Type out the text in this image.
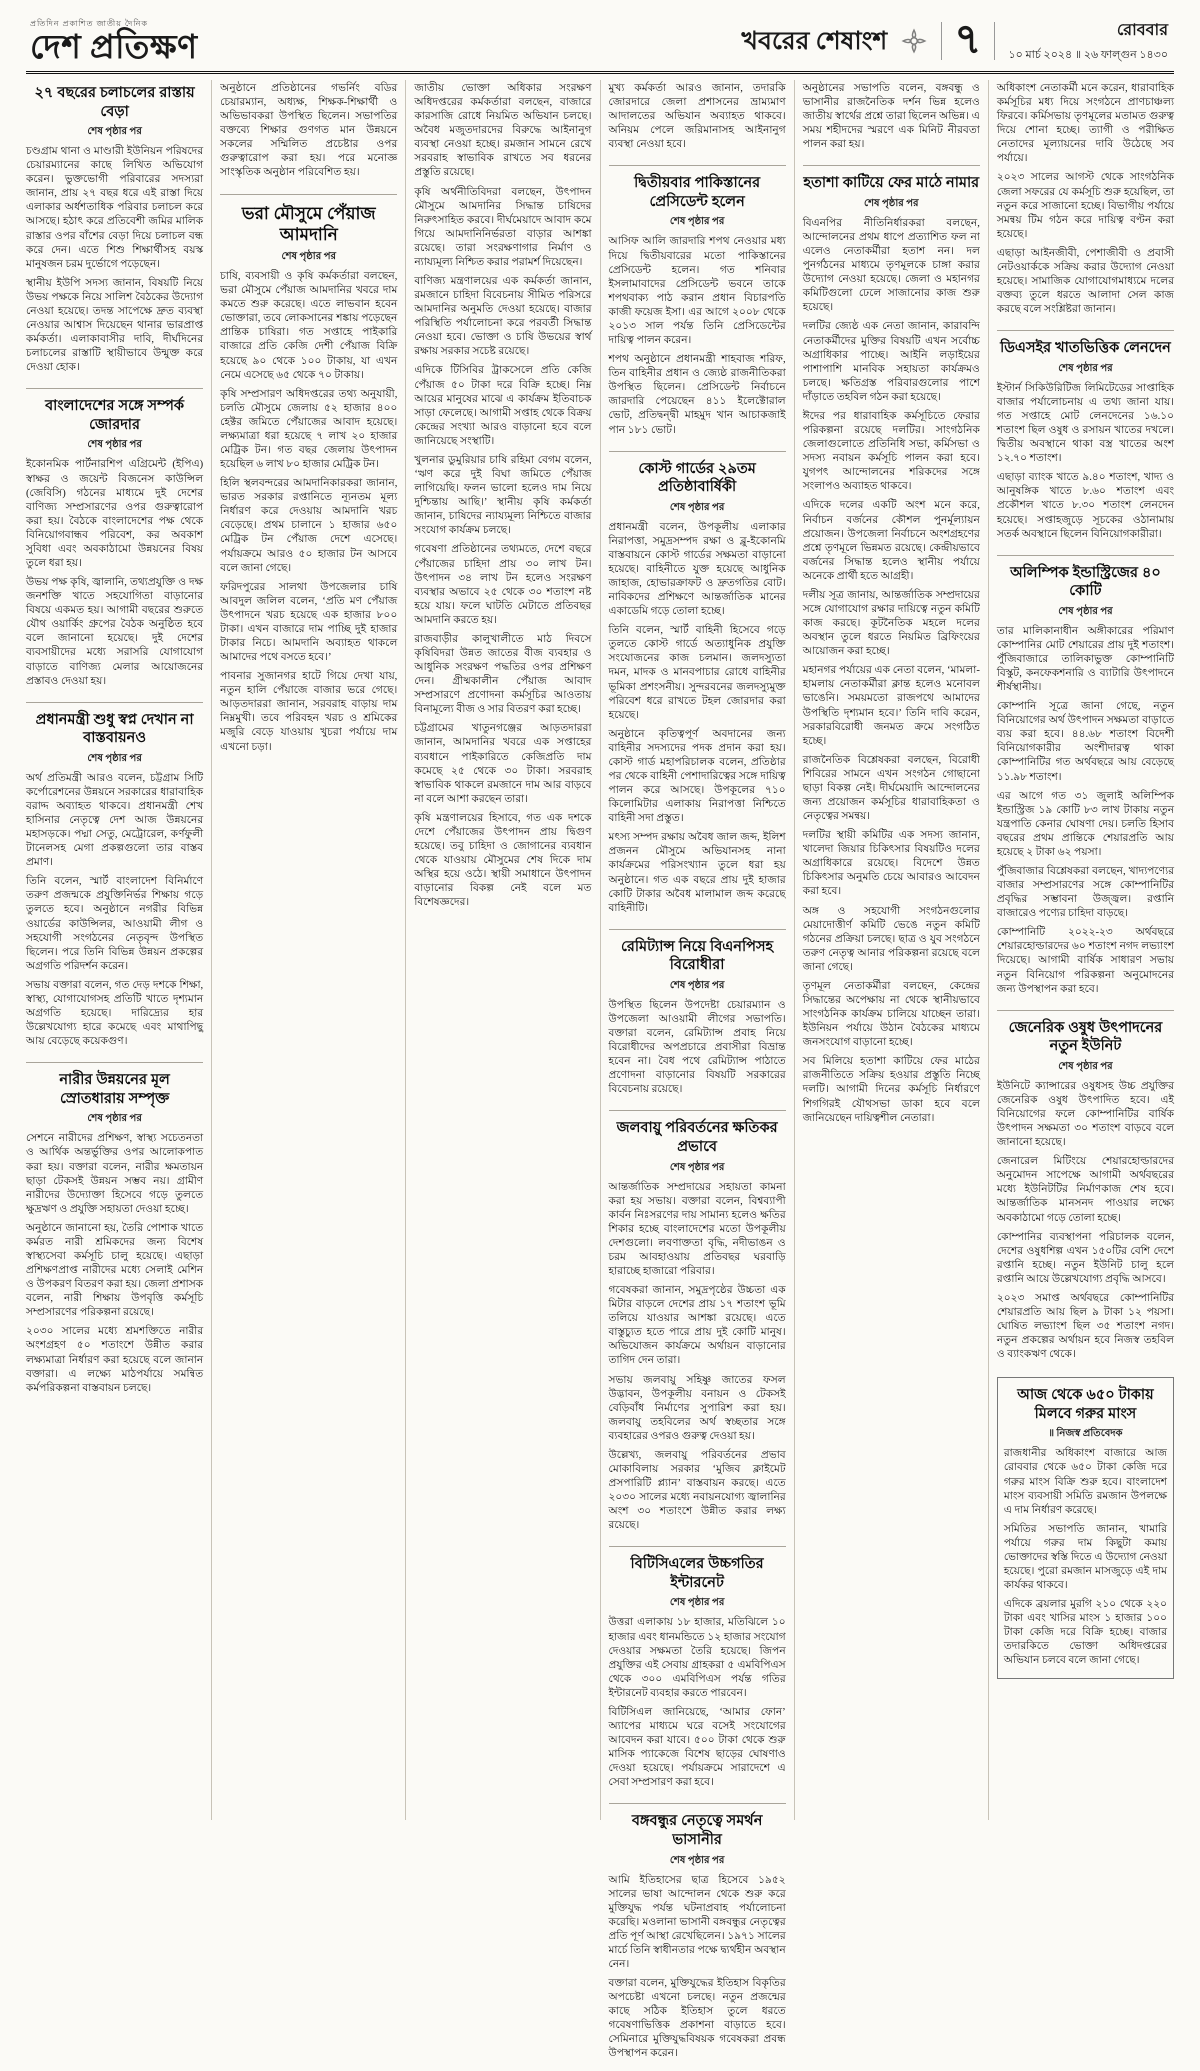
প্রতিদিন প্রকাশিত জাতীয় দৈনিক
দেশ প্রতিক্ষণ	খবরের শেষাংশ	৭	রোববার
১০ মার্চ ২০২৪ ॥ ২৬ ফাল্গুন ১৪৩০
২৭ বছরের চলাচলের রাস্তায় বেড়া
শেষ পৃষ্ঠার পর

চণ্ডগ্রাম থানা ও মাণ্ডারী ইউনিয়ন পরিষদের চেয়ারম্যানের কাছে লিখিত অভিযোগ করেন। ভুক্তভোগী পরিবারের সদস্যরা জানান, প্রায় ২৭ বছর ধরে এই রাস্তা দিয়ে এলাকার অর্ধশতাধিক পরিবার চলাচল করে আসছে। হঠাৎ করে প্রতিবেশী জমির মালিক রাস্তার ওপর বাঁশের বেড়া দিয়ে চলাচল বন্ধ করে দেন। এতে শিশু শিক্ষার্থীসহ বয়স্ক মানুষজন চরম দুর্ভোগে পড়েছেন।

স্থানীয় ইউপি সদস্য জানান, বিষয়টি নিয়ে উভয় পক্ষকে নিয়ে সালিশ বৈঠকের উদ্যোগ নেওয়া হয়েছে। তদন্ত সাপেক্ষে দ্রুত ব্যবস্থা নেওয়ার আশ্বাস দিয়েছেন থানার ভারপ্রাপ্ত কর্মকর্তা। এলাকাবাসীর দাবি, দীর্ঘদিনের চলাচলের রাস্তাটি স্থায়ীভাবে উন্মুক্ত করে দেওয়া হোক।

বাংলাদেশের সঙ্গে সম্পর্ক জোরদার
শেষ পৃষ্ঠার পর

ইকোনমিক পার্টনারশিপ এগ্রিমেন্ট (ইপিএ) স্বাক্ষর ও জয়েন্ট বিজনেস কাউন্সিল (জেবিসি) গঠনের মাধ্যমে দুই দেশের বাণিজ্য সম্প্রসারণের ওপর গুরুত্বারোপ করা হয়। বৈঠকে বাংলাদেশের পক্ষ থেকে বিনিয়োগবান্ধব পরিবেশ, কর অবকাশ সুবিধা এবং অবকাঠামো উন্নয়নের বিষয় তুলে ধরা হয়।

উভয় পক্ষ কৃষি, জ্বালানি, তথ্যপ্রযুক্তি ও দক্ষ জনশক্তি খাতে সহযোগিতা বাড়ানোর বিষয়ে একমত হয়। আগামী বছরের শুরুতে যৌথ ওয়ার্কিং গ্রুপের বৈঠক অনুষ্ঠিত হবে বলে জানানো হয়েছে। দুই দেশের ব্যবসায়ীদের মধ্যে সরাসরি যোগাযোগ বাড়াতে বাণিজ্য মেলার আয়োজনের প্রস্তাবও দেওয়া হয়।

প্রধানমন্ত্রী শুধু স্বপ্ন দেখান না বাস্তবায়নও
শেষ পৃষ্ঠার পর

অর্থ প্রতিমন্ত্রী আরও বলেন, চট্টগ্রাম সিটি কর্পোরেশনের উন্নয়নে সরকারের ধারাবাহিক বরাদ্দ অব্যাহত থাকবে। প্রধানমন্ত্রী শেখ হাসিনার নেতৃত্বে দেশ আজ উন্নয়নের মহাসড়কে। পদ্মা সেতু, মেট্রোরেল, কর্ণফুলী টানেলসহ মেগা প্রকল্পগুলো তার বাস্তব প্রমাণ।

তিনি বলেন, স্মার্ট বাংলাদেশ বিনির্মাণে তরুণ প্রজন্মকে প্রযুক্তিনির্ভর শিক্ষায় গড়ে তুলতে হবে। অনুষ্ঠানে নগরীর বিভিন্ন ওয়ার্ডের কাউন্সিলর, আওয়ামী লীগ ও সহযোগী সংগঠনের নেতৃবৃন্দ উপস্থিত ছিলেন। পরে তিনি বিভিন্ন উন্নয়ন প্রকল্পের অগ্রগতি পরিদর্শন করেন।

সভায় বক্তারা বলেন, গত দেড় দশকে শিক্ষা, স্বাস্থ্য, যোগাযোগসহ প্রতিটি খাতে দৃশ্যমান অগ্রগতি হয়েছে। দারিদ্র্যের হার উল্লেখযোগ্য হারে কমেছে এবং মাথাপিছু আয় বেড়েছে কয়েকগুণ।

নারীর উন্নয়নের মূল স্রোতধারায় সম্পৃক্ত
শেষ পৃষ্ঠার পর

সেশনে নারীদের প্রশিক্ষণ, স্বাস্থ্য সচেতনতা ও আর্থিক অন্তর্ভুক্তির ওপর আলোকপাত করা হয়। বক্তারা বলেন, নারীর ক্ষমতায়ন ছাড়া টেকসই উন্নয়ন সম্ভব নয়। গ্রামীণ নারীদের উদ্যোক্তা হিসেবে গড়ে তুলতে ক্ষুদ্রঋণ ও প্রযুক্তি সহায়তা দেওয়া হচ্ছে।

অনুষ্ঠানে জানানো হয়, তৈরি পোশাক খাতে কর্মরত নারী শ্রমিকদের জন্য বিশেষ স্বাস্থ্যসেবা কর্মসূচি চালু হয়েছে। এছাড়া প্রশিক্ষণপ্রাপ্ত নারীদের মধ্যে সেলাই মেশিন ও উপকরণ বিতরণ করা হয়। জেলা প্রশাসক বলেন, নারী শিক্ষায় উপবৃত্তি কর্মসূচি সম্প্রসারণের পরিকল্পনা রয়েছে।

২০৩০ সালের মধ্যে শ্রমশক্তিতে নারীর অংশগ্রহণ ৫০ শতাংশে উন্নীত করার লক্ষ্যমাত্রা নির্ধারণ করা হয়েছে বলে জানান বক্তারা। এ লক্ষ্যে মাঠপর্যায়ে সমন্বিত কর্মপরিকল্পনা বাস্তবায়ন চলছে।

অনুষ্ঠানে প্রতিষ্ঠানের গভর্নিং বডির চেয়ারম্যান, অধ্যক্ষ, শিক্ষক-শিক্ষার্থী ও অভিভাবকরা উপস্থিত ছিলেন। সভাপতির বক্তব্যে শিক্ষার গুণগত মান উন্নয়নে সকলের সম্মিলিত প্রচেষ্টার ওপর গুরুত্বারোপ করা হয়। পরে মনোজ্ঞ সাংস্কৃতিক অনুষ্ঠান পরিবেশিত হয়।

ভরা মৌসুমে পেঁয়াজ আমদানি
শেষ পৃষ্ঠার পর

চাষি, ব্যবসায়ী ও কৃষি কর্মকর্তারা বলছেন, ভরা মৌসুমে পেঁয়াজ আমদানির খবরে দাম কমতে শুরু করেছে। এতে লাভবান হবেন ভোক্তারা, তবে লোকসানের শঙ্কায় পড়েছেন প্রান্তিক চাষিরা। গত সপ্তাহে পাইকারি বাজারে প্রতি কেজি দেশী পেঁয়াজ বিক্রি হয়েছে ৯০ থেকে ১০০ টাকায়, যা এখন নেমে এসেছে ৬৫ থেকে ৭০ টাকায়।

কৃষি সম্প্রসারণ অধিদপ্তরের তথ্য অনুযায়ী, চলতি মৌসুমে জেলায় ৫২ হাজার ৪০০ হেক্টর জমিতে পেঁয়াজের আবাদ হয়েছে। লক্ষ্যমাত্রা ধরা হয়েছে ৭ লাখ ২০ হাজার মেট্রিক টন। গত বছর জেলায় উৎপাদন হয়েছিল ৬ লাখ ৮০ হাজার মেট্রিক টন।

হিলি স্থলবন্দরের আমদানিকারকরা জানান, ভারত সরকার রপ্তানিতে ন্যূনতম মূল্য নির্ধারণ করে দেওয়ায় আমদানি খরচ বেড়েছে। প্রথম চালানে ১ হাজার ৬৫০ মেট্রিক টন পেঁয়াজ দেশে এসেছে। পর্যায়ক্রমে আরও ৫০ হাজার টন আসবে বলে জানা গেছে।

ফরিদপুরের সালথা উপজেলার চাষি আবদুল জলিল বলেন, ‘প্রতি মণ পেঁয়াজ উৎপাদনে খরচ হয়েছে এক হাজার ৮০০ টাকা। এখন বাজারে দাম পাচ্ছি দুই হাজার টাকার নিচে। আমদানি অব্যাহত থাকলে আমাদের পথে বসতে হবে।’

পাবনার সুজানগর হাটে গিয়ে দেখা যায়, নতুন হালি পেঁয়াজে বাজার ভরে গেছে। আড়তদাররা জানান, সরবরাহ বাড়ায় দাম নিম্নমুখী। তবে পরিবহন খরচ ও শ্রমিকের মজুরি বেড়ে যাওয়ায় খুচরা পর্যায়ে দাম এখনো চড়া।

জাতীয় ভোক্তা অধিকার সংরক্ষণ অধিদপ্তরের কর্মকর্তারা বলছেন, বাজারে কারসাজি রোধে নিয়মিত অভিযান চলছে। অবৈধ মজুতদারদের বিরুদ্ধে আইনানুগ ব্যবস্থা নেওয়া হচ্ছে। রমজান সামনে রেখে সরবরাহ স্বাভাবিক রাখতে সব ধরনের প্রস্তুতি রয়েছে।

কৃষি অর্থনীতিবিদরা বলছেন, উৎপাদন মৌসুমে আমদানির সিদ্ধান্ত চাষিদের নিরুৎসাহিত করবে। দীর্ঘমেয়াদে আবাদ কমে গিয়ে আমদানিনির্ভরতা বাড়ার আশঙ্কা রয়েছে। তারা সংরক্ষণাগার নির্মাণ ও ন্যায্যমূল্য নিশ্চিত করার পরামর্শ দিয়েছেন।

বাণিজ্য মন্ত্রণালয়ের এক কর্মকর্তা জানান, রমজানে চাহিদা বিবেচনায় সীমিত পরিসরে আমদানির অনুমতি দেওয়া হয়েছে। বাজার পরিস্থিতি পর্যালোচনা করে পরবর্তী সিদ্ধান্ত নেওয়া হবে। ভোক্তা ও চাষি উভয়ের স্বার্থ রক্ষায় সরকার সচেষ্ট রয়েছে।

এদিকে টিসিবির ট্রাকসেলে প্রতি কেজি পেঁয়াজ ৫০ টাকা দরে বিক্রি হচ্ছে। নিম্ন আয়ের মানুষের মাঝে এ কার্যক্রম ইতিবাচক সাড়া ফেলেছে। আগামী সপ্তাহ থেকে বিক্রয় কেন্দ্রের সংখ্যা আরও বাড়ানো হবে বলে জানিয়েছে সংস্থাটি।

খুলনার ডুমুরিয়ার চাষি রহিমা বেগম বলেন, ‘ঋণ করে দুই বিঘা জমিতে পেঁয়াজ লাগিয়েছি। ফলন ভালো হলেও দাম নিয়ে দুশ্চিন্তায় আছি।’ স্থানীয় কৃষি কর্মকর্তা জানান, চাষিদের ন্যায্যমূল্য নিশ্চিতে বাজার সংযোগ কার্যক্রম চলছে।

গবেষণা প্রতিষ্ঠানের তথ্যমতে, দেশে বছরে পেঁয়াজের চাহিদা প্রায় ৩০ লাখ টন। উৎপাদন ৩৪ লাখ টন হলেও সংরক্ষণ ব্যবস্থার অভাবে ২৫ থেকে ৩০ শতাংশ নষ্ট হয়ে যায়। ফলে ঘাটতি মেটাতে প্রতিবছর আমদানি করতে হয়।

রাজবাড়ীর কালুখালীতে মাঠ দিবসে কৃষিবিদরা উন্নত জাতের বীজ ব্যবহার ও আধুনিক সংরক্ষণ পদ্ধতির ওপর প্রশিক্ষণ দেন। গ্রীষ্মকালীন পেঁয়াজ আবাদ সম্প্রসারণে প্রণোদনা কর্মসূচির আওতায় বিনামূল্যে বীজ ও সার বিতরণ করা হচ্ছে।

চট্টগ্রামের খাতুনগঞ্জের আড়তদাররা জানান, আমদানির খবরে এক সপ্তাহের ব্যবধানে পাইকারিতে কেজিপ্রতি দাম কমেছে ২৫ থেকে ৩০ টাকা। সরবরাহ স্বাভাবিক থাকলে রমজানে দাম আর বাড়বে না বলে আশা করছেন তারা।

কৃষি মন্ত্রণালয়ের হিসাবে, গত এক দশকে দেশে পেঁয়াজের উৎপাদন প্রায় দ্বিগুণ হয়েছে। তবু চাহিদা ও জোগানের ব্যবধান থেকে যাওয়ায় মৌসুমের শেষ দিকে দাম অস্থির হয়ে ওঠে। স্থায়ী সমাধানে উৎপাদন বাড়ানোর বিকল্প নেই বলে মত বিশেষজ্ঞদের।

মুখ্য কর্মকর্তা আরও জানান, তদারকি জোরদারে জেলা প্রশাসনের ভ্রাম্যমাণ আদালতের অভিযান অব্যাহত থাকবে। অনিয়ম পেলে জরিমানাসহ আইনানুগ ব্যবস্থা নেওয়া হবে।

দ্বিতীয়বার পাকিস্তানের প্রেসিডেন্ট হলেন
শেষ পৃষ্ঠার পর

আসিফ আলি জারদারি শপথ নেওয়ার মধ্য দিয়ে দ্বিতীয়বারের মতো পাকিস্তানের প্রেসিডেন্ট হলেন। গত শনিবার ইসলামাবাদের প্রেসিডেন্ট ভবনে তাকে শপথবাক্য পাঠ করান প্রধান বিচারপতি কাজী ফয়েজ ইসা। এর আগে ২০০৮ থেকে ২০১৩ সাল পর্যন্ত তিনি প্রেসিডেন্টের দায়িত্ব পালন করেন।

শপথ অনুষ্ঠানে প্রধানমন্ত্রী শাহবাজ শরিফ, তিন বাহিনীর প্রধান ও জ্যেষ্ঠ রাজনীতিকরা উপস্থিত ছিলেন। প্রেসিডেন্ট নির্বাচনে জারদারি পেয়েছেন ৪১১ ইলেক্টোরাল ভোট, প্রতিদ্বন্দ্বী মাহমুদ খান আচাকজাই পান ১৮১ ভোট।

কোস্ট গার্ডের ২৯তম প্রতিষ্ঠাবার্ষিকী
শেষ পৃষ্ঠার পর

প্রধানমন্ত্রী বলেন, উপকূলীয় এলাকার নিরাপত্তা, সমুদ্রসম্পদ রক্ষা ও ব্লু-ইকোনমি বাস্তবায়নে কোস্ট গার্ডের সক্ষমতা বাড়ানো হয়েছে। বাহিনীতে যুক্ত হয়েছে আধুনিক জাহাজ, হোভারক্রাফট ও দ্রুতগতির বোট। নাবিকদের প্রশিক্ষণে আন্তর্জাতিক মানের একাডেমি গড়ে তোলা হচ্ছে।

তিনি বলেন, স্মার্ট বাহিনী হিসেবে গড়ে তুলতে কোস্ট গার্ডে অত্যাধুনিক প্রযুক্তি সংযোজনের কাজ চলমান। জলদস্যুতা দমন, মাদক ও মানবপাচার রোধে বাহিনীর ভূমিকা প্রশংসনীয়। সুন্দরবনের জলদস্যুমুক্ত পরিবেশ ধরে রাখতে টহল জোরদার করা হয়েছে।

অনুষ্ঠানে কৃতিত্বপূর্ণ অবদানের জন্য বাহিনীর সদস্যদের পদক প্রদান করা হয়। কোস্ট গার্ড মহাপরিচালক বলেন, প্রতিষ্ঠার পর থেকে বাহিনী পেশাদারিত্বের সঙ্গে দায়িত্ব পালন করে আসছে। উপকূলের ৭১০ কিলোমিটার এলাকায় নিরাপত্তা নিশ্চিতে বাহিনী সদা প্রস্তুত।

মৎস্য সম্পদ রক্ষায় অবৈধ জাল জব্দ, ইলিশ প্রজনন মৌসুমে অভিযানসহ নানা কার্যক্রমের পরিসংখ্যান তুলে ধরা হয় অনুষ্ঠানে। গত এক বছরে প্রায় দুই হাজার কোটি টাকার অবৈধ মালামাল জব্দ করেছে বাহিনীটি।

রেমিট্যান্স নিয়ে বিএনপিসহ বিরোধীরা
শেষ পৃষ্ঠার পর

উপস্থিত ছিলেন উপদেষ্টা চেয়ারম্যান ও উপজেলা আওয়ামী লীগের সভাপতি। বক্তারা বলেন, রেমিট্যান্স প্রবাহ নিয়ে বিরোধীদের অপপ্রচারে প্রবাসীরা বিভ্রান্ত হবেন না। বৈধ পথে রেমিট্যান্স পাঠাতে প্রণোদনা বাড়ানোর বিষয়টি সরকারের বিবেচনায় রয়েছে।

জলবায়ু পরিবর্তনের ক্ষতিকর প্রভাবে
শেষ পৃষ্ঠার পর

আন্তর্জাতিক সম্প্রদায়ের সহায়তা কামনা করা হয় সভায়। বক্তারা বলেন, বিশ্বব্যাপী কার্বন নিঃসরণের দায় সামান্য হলেও ক্ষতির শিকার হচ্ছে বাংলাদেশের মতো উপকূলীয় দেশগুলো। লবণাক্ততা বৃদ্ধি, নদীভাঙন ও চরম আবহাওয়ায় প্রতিবছর ঘরবাড়ি হারাচ্ছে হাজারো পরিবার।

গবেষকরা জানান, সমুদ্রপৃষ্ঠের উচ্চতা এক মিটার বাড়লে দেশের প্রায় ১৭ শতাংশ ভূমি তলিয়ে যাওয়ার আশঙ্কা রয়েছে। এতে বাস্তুচ্যুত হতে পারে প্রায় দুই কোটি মানুষ। অভিযোজন কার্যক্রমে অর্থায়ন বাড়ানোর তাগিদ দেন তারা।

সভায় জলবায়ু সহিষ্ণু জাতের ফসল উদ্ভাবন, উপকূলীয় বনায়ন ও টেকসই বেড়িবাঁধ নির্মাণের সুপারিশ করা হয়। জলবায়ু তহবিলের অর্থ স্বচ্ছতার সঙ্গে ব্যবহারের ওপরও গুরুত্ব দেওয়া হয়।

উল্লেখ্য, জলবায়ু পরিবর্তনের প্রভাব মোকাবিলায় সরকার ‘মুজিব ক্লাইমেট প্রসপারিটি প্ল্যান’ বাস্তবায়ন করছে। এতে ২০৩০ সালের মধ্যে নবায়নযোগ্য জ্বালানির অংশ ৩০ শতাংশে উন্নীত করার লক্ষ্য রয়েছে।

বিটিসিএলের উচ্চগতির ইন্টারনেট
শেষ পৃষ্ঠার পর

উত্তরা এলাকায় ১৮ হাজার, মতিঝিলে ১০ হাজার এবং ধানমন্ডিতে ১২ হাজার সংযোগ দেওয়ার সক্ষমতা তৈরি হয়েছে। জিপন প্রযুক্তির এই সেবায় গ্রাহকরা ৫ এমবিপিএস থেকে ৩০০ এমবিপিএস পর্যন্ত গতির ইন্টারনেট ব্যবহার করতে পারবেন।

বিটিসিএল জানিয়েছে, ‘আমার ফোন’ অ্যাপের মাধ্যমে ঘরে বসেই সংযোগের আবেদন করা যাবে। ৫০০ টাকা থেকে শুরু মাসিক প্যাকেজে বিশেষ ছাড়ের ঘোষণাও দেওয়া হয়েছে। পর্যায়ক্রমে সারাদেশে এ সেবা সম্প্রসারণ করা হবে।

বঙ্গবন্ধুর নেতৃত্বে সমর্থন ভাসানীর
শেষ পৃষ্ঠার পর

আমি ইতিহাসের ছাত্র হিসেবে ১৯৫২ সালের ভাষা আন্দোলন থেকে শুরু করে মুক্তিযুদ্ধ পর্যন্ত ঘটনাপ্রবাহ পর্যালোচনা করেছি। মওলানা ভাসানী বঙ্গবন্ধুর নেতৃত্বের প্রতি পূর্ণ আস্থা রেখেছিলেন। ১৯৭১ সালের মার্চে তিনি স্বাধীনতার পক্ষে দ্ব্যর্থহীন অবস্থান নেন।

বক্তারা বলেন, মুক্তিযুদ্ধের ইতিহাস বিকৃতির অপচেষ্টা এখনো চলছে। নতুন প্রজন্মের কাছে সঠিক ইতিহাস তুলে ধরতে গবেষণাভিত্তিক প্রকাশনা বাড়াতে হবে। সেমিনারে মুক্তিযুদ্ধবিষয়ক গবেষকরা প্রবন্ধ উপস্থাপন করেন।

অনুষ্ঠানের সভাপতি বলেন, বঙ্গবন্ধু ও ভাসানীর রাজনৈতিক দর্শন ভিন্ন হলেও জাতীয় স্বার্থের প্রশ্নে তারা ছিলেন অভিন্ন। এ সময় শহীদদের স্মরণে এক মিনিট নীরবতা পালন করা হয়।

হতাশা কাটিয়ে ফের মাঠে নামার
শেষ পৃষ্ঠার পর

বিএনপির নীতিনির্ধারকরা বলছেন, আন্দোলনের প্রথম ধাপে প্রত্যাশিত ফল না এলেও নেতাকর্মীরা হতাশ নন। দল পুনর্গঠনের মাধ্যমে তৃণমূলকে চাঙ্গা করার উদ্যোগ নেওয়া হয়েছে। জেলা ও মহানগর কমিটিগুলো ঢেলে সাজানোর কাজ শুরু হয়েছে।

দলটির জ্যেষ্ঠ এক নেতা জানান, কারাবন্দি নেতাকর্মীদের মুক্তির বিষয়টি এখন সর্বোচ্চ অগ্রাধিকার পাচ্ছে। আইনি লড়াইয়ের পাশাপাশি মানবিক সহায়তা কার্যক্রমও চলছে। ক্ষতিগ্রস্ত পরিবারগুলোর পাশে দাঁড়াতে তহবিল গঠন করা হয়েছে।

ঈদের পর ধারাবাহিক কর্মসূচিতে ফেরার পরিকল্পনা রয়েছে দলটির। সাংগঠনিক জেলাগুলোতে প্রতিনিধি সভা, কর্মিসভা ও সদস্য নবায়ন কর্মসূচি পালন করা হবে। যুগপৎ আন্দোলনের শরিকদের সঙ্গে সংলাপও অব্যাহত থাকবে।

এদিকে দলের একটি অংশ মনে করে, নির্বাচন বর্জনের কৌশল পুনর্মূল্যায়ন প্রয়োজন। উপজেলা নির্বাচনে অংশগ্রহণের প্রশ্নে তৃণমূলে ভিন্নমত রয়েছে। কেন্দ্রীয়ভাবে বর্জনের সিদ্ধান্ত হলেও স্থানীয় পর্যায়ে অনেকে প্রার্থী হতে আগ্রহী।

দলীয় সূত্র জানায়, আন্তর্জাতিক সম্প্রদায়ের সঙ্গে যোগাযোগ রক্ষার দায়িত্বে নতুন কমিটি কাজ করছে। কূটনৈতিক মহলে দলের অবস্থান তুলে ধরতে নিয়মিত ব্রিফিংয়ের আয়োজন করা হচ্ছে।

মহানগর পর্যায়ের এক নেতা বলেন, ‘মামলা-হামলায় নেতাকর্মীরা ক্লান্ত হলেও মনোবল ভাঙেনি। সময়মতো রাজপথে আমাদের উপস্থিতি দৃশ্যমান হবে।’ তিনি দাবি করেন, সরকারবিরোধী জনমত ক্রমে সংগঠিত হচ্ছে।

রাজনৈতিক বিশ্লেষকরা বলছেন, বিরোধী শিবিরের সামনে এখন সংগঠন গোছানো ছাড়া বিকল্প নেই। দীর্ঘমেয়াদি আন্দোলনের জন্য প্রয়োজন কর্মসূচির ধারাবাহিকতা ও নেতৃত্বের সমন্বয়।

দলটির স্থায়ী কমিটির এক সদস্য জানান, খালেদা জিয়ার চিকিৎসার বিষয়টিও দলের অগ্রাধিকারে রয়েছে। বিদেশে উন্নত চিকিৎসার অনুমতি চেয়ে আবারও আবেদন করা হবে।

অঙ্গ ও সহযোগী সংগঠনগুলোর মেয়াদোত্তীর্ণ কমিটি ভেঙে নতুন কমিটি গঠনের প্রক্রিয়া চলছে। ছাত্র ও যুব সংগঠনে তরুণ নেতৃত্ব আনার পরিকল্পনা রয়েছে বলে জানা গেছে।

তৃণমূল নেতাকর্মীরা বলছেন, কেন্দ্রের সিদ্ধান্তের অপেক্ষায় না থেকে স্থানীয়ভাবে সাংগঠনিক কার্যক্রম চালিয়ে যাচ্ছেন তারা। ইউনিয়ন পর্যায়ে উঠান বৈঠকের মাধ্যমে জনসংযোগ বাড়ানো হচ্ছে।

সব মিলিয়ে হতাশা কাটিয়ে ফের মাঠের রাজনীতিতে সক্রিয় হওয়ার প্রস্তুতি নিচ্ছে দলটি। আগামী দিনের কর্মসূচি নির্ধারণে শিগগিরই যৌথসভা ডাকা হবে বলে জানিয়েছেন দায়িত্বশীল নেতারা।

অধিকাংশ নেতাকর্মী মনে করেন, ধারাবাহিক কর্মসূচির মধ্য দিয়ে সংগঠনে প্রাণচাঞ্চল্য ফিরবে। কর্মিসভায় তৃণমূলের মতামত গুরুত্ব দিয়ে শোনা হচ্ছে। ত্যাগী ও পরীক্ষিত নেতাদের মূল্যায়নের দাবি উঠেছে সব পর্যায়ে।

২০২৩ সালের আগস্ট থেকে সাংগঠনিক জেলা সফরের যে কর্মসূচি শুরু হয়েছিল, তা নতুন করে সাজানো হচ্ছে। বিভাগীয় পর্যায়ে সমন্বয় টিম গঠন করে দায়িত্ব বণ্টন করা হয়েছে।

এছাড়া আইনজীবী, পেশাজীবী ও প্রবাসী নেটওয়ার্ককে সক্রিয় করার উদ্যোগ নেওয়া হয়েছে। সামাজিক যোগাযোগমাধ্যমে দলের বক্তব্য তুলে ধরতে আলাদা সেল কাজ করছে বলে সংশ্লিষ্টরা জানান।

ডিএসইর খাতভিত্তিক লেনদেন
শেষ পৃষ্ঠার পর

ইস্টার্ন সিকিউরিটিজ লিমিটেডের সাপ্তাহিক বাজার পর্যালোচনায় এ তথ্য জানা যায়। গত সপ্তাহে মোট লেনদেনের ১৬.১০ শতাংশ ছিল ওষুধ ও রসায়ন খাতের দখলে। দ্বিতীয় অবস্থানে থাকা বস্ত্র খাতের অংশ ১২.৭০ শতাংশ।

এছাড়া ব্যাংক খাতে ৯.৪০ শতাংশ, খাদ্য ও আনুষঙ্গিক খাতে ৮.৬০ শতাংশ এবং প্রকৌশল খাতে ৮.৩০ শতাংশ লেনদেন হয়েছে। সপ্তাহজুড়ে সূচকের ওঠানামায় সতর্ক অবস্থানে ছিলেন বিনিয়োগকারীরা।

অলিম্পিক ইন্ডাস্ট্রিজের ৪০ কোটি
শেষ পৃষ্ঠার পর

তার মালিকানাধীন অঙ্গীকারের পরিমাণ কোম্পানির মোট শেয়ারের প্রায় দুই শতাংশ। পুঁজিবাজারে তালিকাভুক্ত কোম্পানিটি বিস্কুট, কনফেকশনারি ও ব্যাটারি উৎপাদনে শীর্ষস্থানীয়।

কোম্পানি সূত্রে জানা গেছে, নতুন বিনিয়োগের অর্থ উৎপাদন সক্ষমতা বাড়াতে ব্যয় করা হবে। ৪৪.৬৮ শতাংশ বিদেশী বিনিয়োগকারীর অংশীদারত্ব থাকা কোম্পানিটির গত অর্থবছরে আয় বেড়েছে ১১.৯৮ শতাংশ।

এর আগে গত ৩১ জুলাই অলিম্পিক ইন্ডাস্ট্রিজ ১৯ কোটি ৮৩ লাখ টাকায় নতুন যন্ত্রপাতি কেনার ঘোষণা দেয়। চলতি হিসাব বছরের প্রথম প্রান্তিকে শেয়ারপ্রতি আয় হয়েছে ২ টাকা ৬২ পয়সা।

পুঁজিবাজার বিশ্লেষকরা বলছেন, খাদ্যপণ্যের বাজার সম্প্রসারণের সঙ্গে কোম্পানিটির প্রবৃদ্ধির সম্ভাবনা উজ্জ্বল। রপ্তানি বাজারেও পণ্যের চাহিদা বাড়ছে।

কোম্পানিটি ২০২২-২৩ অর্থবছরে শেয়ারহোল্ডারদের ৬০ শতাংশ নগদ লভ্যাংশ দিয়েছে। আগামী বার্ষিক সাধারণ সভায় নতুন বিনিয়োগ পরিকল্পনা অনুমোদনের জন্য উপস্থাপন করা হবে।

জেনেরিক ওষুধ উৎপাদনের নতুন ইউনিট
শেষ পৃষ্ঠার পর

ইউনিটে ক্যান্সারের ওষুধসহ উচ্চ প্রযুক্তির জেনেরিক ওষুধ উৎপাদিত হবে। এই বিনিয়োগের ফলে কোম্পানিটির বার্ষিক উৎপাদন সক্ষমতা ৩০ শতাংশ বাড়বে বলে জানানো হয়েছে।

জেনারেল মিটিংয়ে শেয়ারহোল্ডারদের অনুমোদন সাপেক্ষে আগামী অর্থবছরের মধ্যে ইউনিটটির নির্মাণকাজ শেষ হবে। আন্তর্জাতিক মানসনদ পাওয়ার লক্ষ্যে অবকাঠামো গড়ে তোলা হচ্ছে।

কোম্পানির ব্যবস্থাপনা পরিচালক বলেন, দেশের ওষুধশিল্প এখন ১৫০টির বেশি দেশে রপ্তানি হচ্ছে। নতুন ইউনিট চালু হলে রপ্তানি আয়ে উল্লেখযোগ্য প্রবৃদ্ধি আসবে।

২০২৩ সমাপ্ত অর্থবছরে কোম্পানিটির শেয়ারপ্রতি আয় ছিল ৯ টাকা ১২ পয়সা। ঘোষিত লভ্যাংশ ছিল ৩৫ শতাংশ নগদ। নতুন প্রকল্পের অর্থায়ন হবে নিজস্ব তহবিল ও ব্যাংকঋণ থেকে।

আজ থেকে ৬৫০ টাকায় মিলবে গরুর মাংস
॥ নিজস্ব প্রতিবেদক

রাজধানীর অধিকাংশ বাজারে আজ রোববার থেকে ৬৫০ টাকা কেজি দরে গরুর মাংস বিক্রি শুরু হবে। বাংলাদেশ মাংস ব্যবসায়ী সমিতি রমজান উপলক্ষে এ দাম নির্ধারণ করেছে।

সমিতির সভাপতি জানান, খামারি পর্যায়ে গরুর দাম কিছুটা কমায় ভোক্তাদের স্বস্তি দিতে এ উদ্যোগ নেওয়া হয়েছে। পুরো রমজান মাসজুড়ে এই দাম কার্যকর থাকবে।

এদিকে ব্রয়লার মুরগি ২১০ থেকে ২২০ টাকা এবং খাসির মাংস ১ হাজার ১০০ টাকা কেজি দরে বিক্রি হচ্ছে। বাজার তদারকিতে ভোক্তা অধিদপ্তরের অভিযান চলবে বলে জানা গেছে।
